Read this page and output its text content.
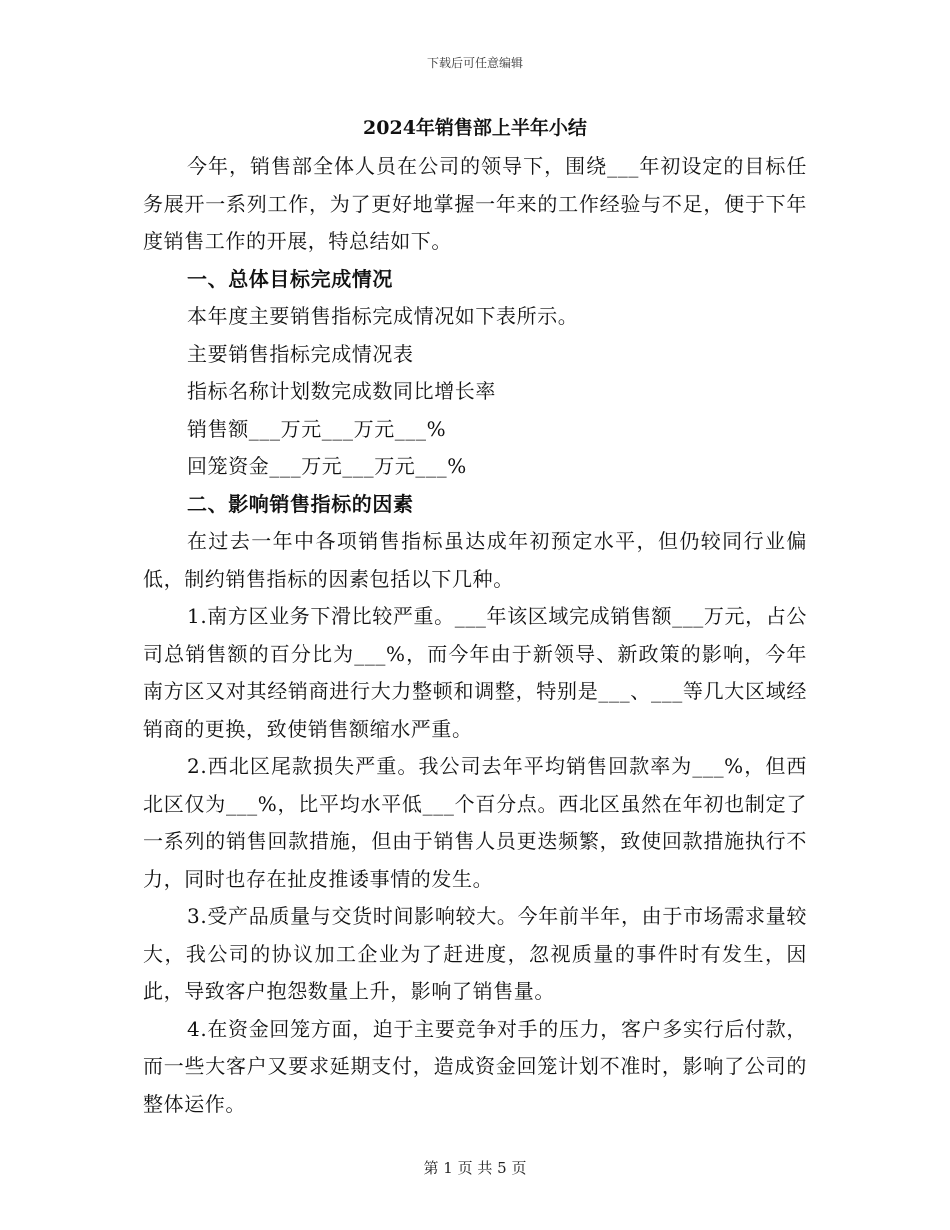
下载后可任意编辑
2024年销售部上半年小结

今年，销售部全体人员在公司的领导下，围绕___年初设定的目标任务展开一系列工作，为了更好地掌握一年来的工作经验与不足，便于下年度销售工作的开展，特总结如下。

一、总体目标完成情况

本年度主要销售指标完成情况如下表所示。

主要销售指标完成情况表

指标名称计划数完成数同比增长率

销售额___万元___万元___%

回笼资金___万元___万元___%

二、影响销售指标的因素

在过去一年中各项销售指标虽达成年初预定水平，但仍较同行业偏低，制约销售指标的因素包括以下几种。

1.南方区业务下滑比较严重。___年该区域完成销售额___万元，占公司总销售额的百分比为___%，而今年由于新领导、新政策的影响，今年南方区又对其经销商进行大力整顿和调整，特别是___、___等几大区域经销商的更换，致使销售额缩水严重。

2.西北区尾款损失严重。我公司去年平均销售回款率为___%，但西北区仅为___%，比平均水平低___个百分点。西北区虽然在年初也制定了一系列的销售回款措施，但由于销售人员更迭频繁，致使回款措施执行不力，同时也存在扯皮推诿事情的发生。

3.受产品质量与交货时间影响较大。今年前半年，由于市场需求量较大，我公司的协议加工企业为了赶进度，忽视质量的事件时有发生，因此，导致客户抱怨数量上升，影响了销售量。

4.在资金回笼方面，迫于主要竞争对手的压力，客户多实行后付款，而一些大客户又要求延期支付，造成资金回笼计划不准时，影响了公司的整体运作。

第 1 页 共 5 页
